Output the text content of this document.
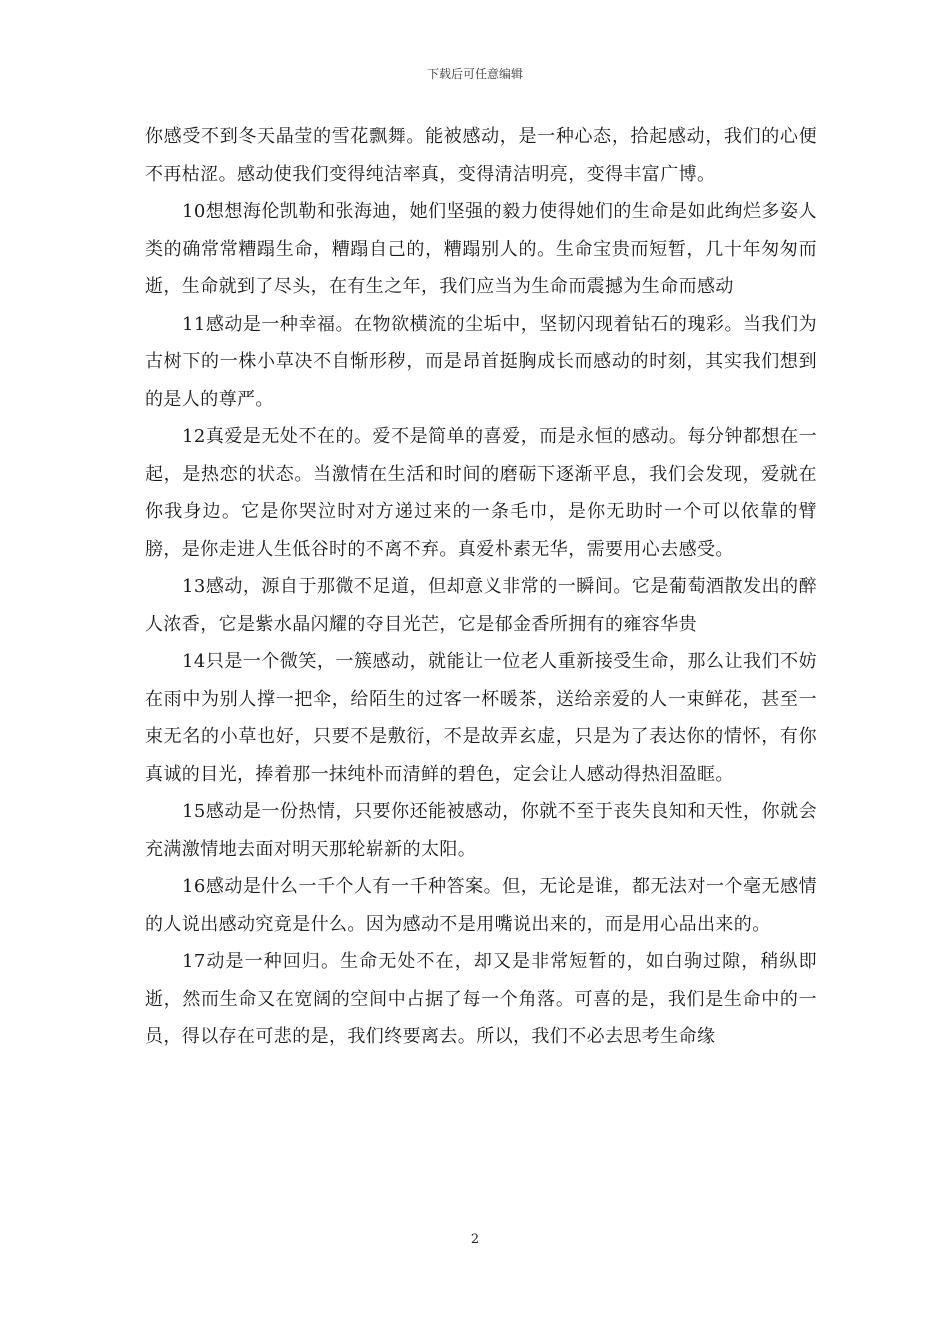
下载后可任意编辑

你感受不到冬天晶莹的雪花飘舞。能被感动，是一种心态，拾起感动，我们的心便不再枯涩。感动使我们变得纯洁率真，变得清洁明亮，变得丰富广博。

10想想海伦凯勒和张海迪，她们坚强的毅力使得她们的生命是如此绚烂多姿人类的确常常糟蹋生命，糟蹋自己的，糟蹋别人的。生命宝贵而短暂，几十年匆匆而逝，生命就到了尽头，在有生之年，我们应当为生命而震撼为生命而感动

11感动是一种幸福。在物欲横流的尘垢中，坚韧闪现着钻石的瑰彩。当我们为古树下的一株小草决不自惭形秽，而是昂首挺胸成长而感动的时刻，其实我们想到的是人的尊严。

12真爱是无处不在的。爱不是简单的喜爱，而是永恒的感动。每分钟都想在一起，是热恋的状态。当激情在生活和时间的磨砺下逐渐平息，我们会发现，爱就在你我身边。它是你哭泣时对方递过来的一条毛巾，是你无助时一个可以依靠的臂膀，是你走进人生低谷时的不离不弃。真爱朴素无华，需要用心去感受。

13感动，源自于那微不足道，但却意义非常的一瞬间。它是葡萄酒散发出的醉人浓香，它是紫水晶闪耀的夺目光芒，它是郁金香所拥有的雍容华贵

14只是一个微笑，一簇感动，就能让一位老人重新接受生命，那么让我们不妨在雨中为别人撑一把伞，给陌生的过客一杯暖茶，送给亲爱的人一束鲜花，甚至一束无名的小草也好，只要不是敷衍，不是故弄玄虚，只是为了表达你的情怀，有你真诚的目光，捧着那一抹纯朴而清鲜的碧色，定会让人感动得热泪盈眶。

15感动是一份热情，只要你还能被感动，你就不至于丧失良知和天性，你就会充满激情地去面对明天那轮崭新的太阳。

16感动是什么一千个人有一千种答案。但，无论是谁，都无法对一个毫无感情的人说出感动究竟是什么。因为感动不是用嘴说出来的，而是用心品出来的。

17动是一种回归。生命无处不在，却又是非常短暂的，如白驹过隙，稍纵即逝，然而生命又在宽阔的空间中占据了每一个角落。可喜的是，我们是生命中的一员，得以存在可悲的是，我们终要离去。所以，我们不必去思考生命缘

2
